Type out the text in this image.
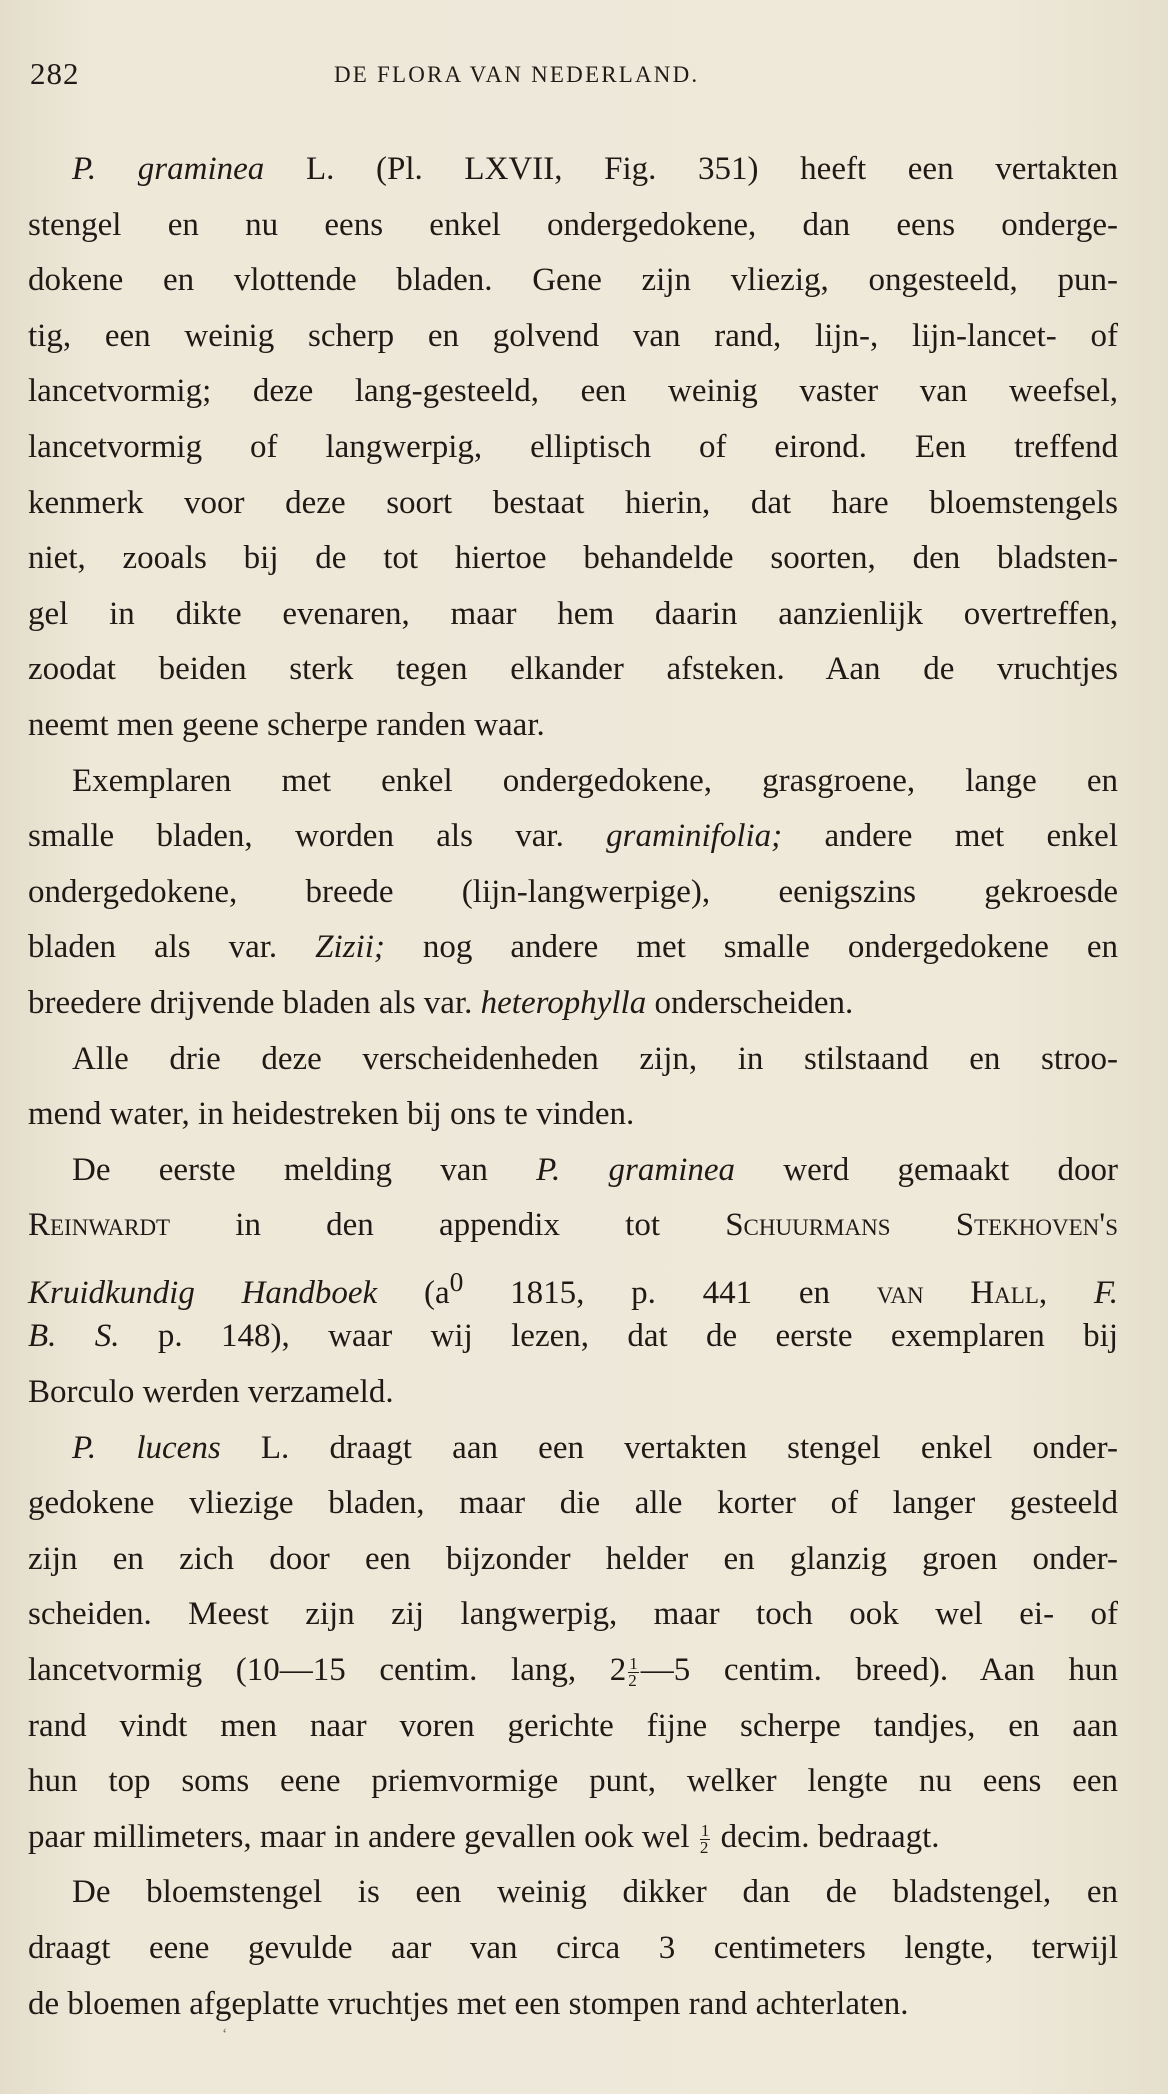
282	DE FLORA VAN NEDERLAND.
P. graminea L. (Pl. LXVII, Fig. 351) heeft een vertakten
stengel en nu eens enkel ondergedokene, dan eens onderge-
dokene en vlottende bladen. Gene zijn vliezig, ongesteeld, pun-
tig, een weinig scherp en golvend van rand, lijn-, lijn-lancet- of
lancetvormig; deze lang-gesteeld, een weinig vaster van weefsel,
lancetvormig of langwerpig, elliptisch of eirond. Een treffend
kenmerk voor deze soort bestaat hierin, dat hare bloemstengels
niet, zooals bij de tot hiertoe behandelde soorten, den bladsten-
gel in dikte evenaren, maar hem daarin aanzienlijk overtreffen,
zoodat beiden sterk tegen elkander afsteken. Aan de vruchtjes
neemt men geene scherpe randen waar.
Exemplaren met enkel ondergedokene, grasgroene, lange en
smalle bladen, worden als var. graminifolia; andere met enkel
ondergedokene, breede (lijn-langwerpige), eenigszins gekroesde
bladen als var. Zizii; nog andere met smalle ondergedokene en
breedere drijvende bladen als var. heterophylla onderscheiden.
Alle drie deze verscheidenheden zijn, in stilstaand en stroo-
mend water, in heidestreken bij ons te vinden.
De eerste melding van P. graminea werd gemaakt door
Reinwardt in den appendix tot Schuurmans Stekhoven's
Kruidkundig Handboek ($a^0$ 1815, p. 441 en van Hall, F.
B. S. p. 148), waar wij lezen, dat de eerste exemplaren bij
Borculo werden verzameld.
P. lucens L. draagt aan een vertakten stengel enkel onder-
gedokene vliezige bladen, maar die alle korter of langer gesteeld
zijn en zich door een bijzonder helder en glanzig groen onder-
scheiden. Meest zijn zij langwerpig, maar toch ook wel ei- of
lancetvormig (10—15 centim. lang, $2 \frac{1}{2}$ —5 centim. breed). Aan hun
rand vindt men naar voren gerichte fijne scherpe tandjes, en aan
hun top soms eene priemvormige punt, welker lengte nu eens een
paar millimeters, maar in andere gevallen ook wel $\frac{1}{2}$ decim. bedraagt.
De bloemstengel is een weinig dikker dan de bladstengel, en
draagt eene gevulde aar van circa 3 centimeters lengte, terwijl
de bloemen afgeplatte vruchtjes met een stompen rand achterlaten.
‘
